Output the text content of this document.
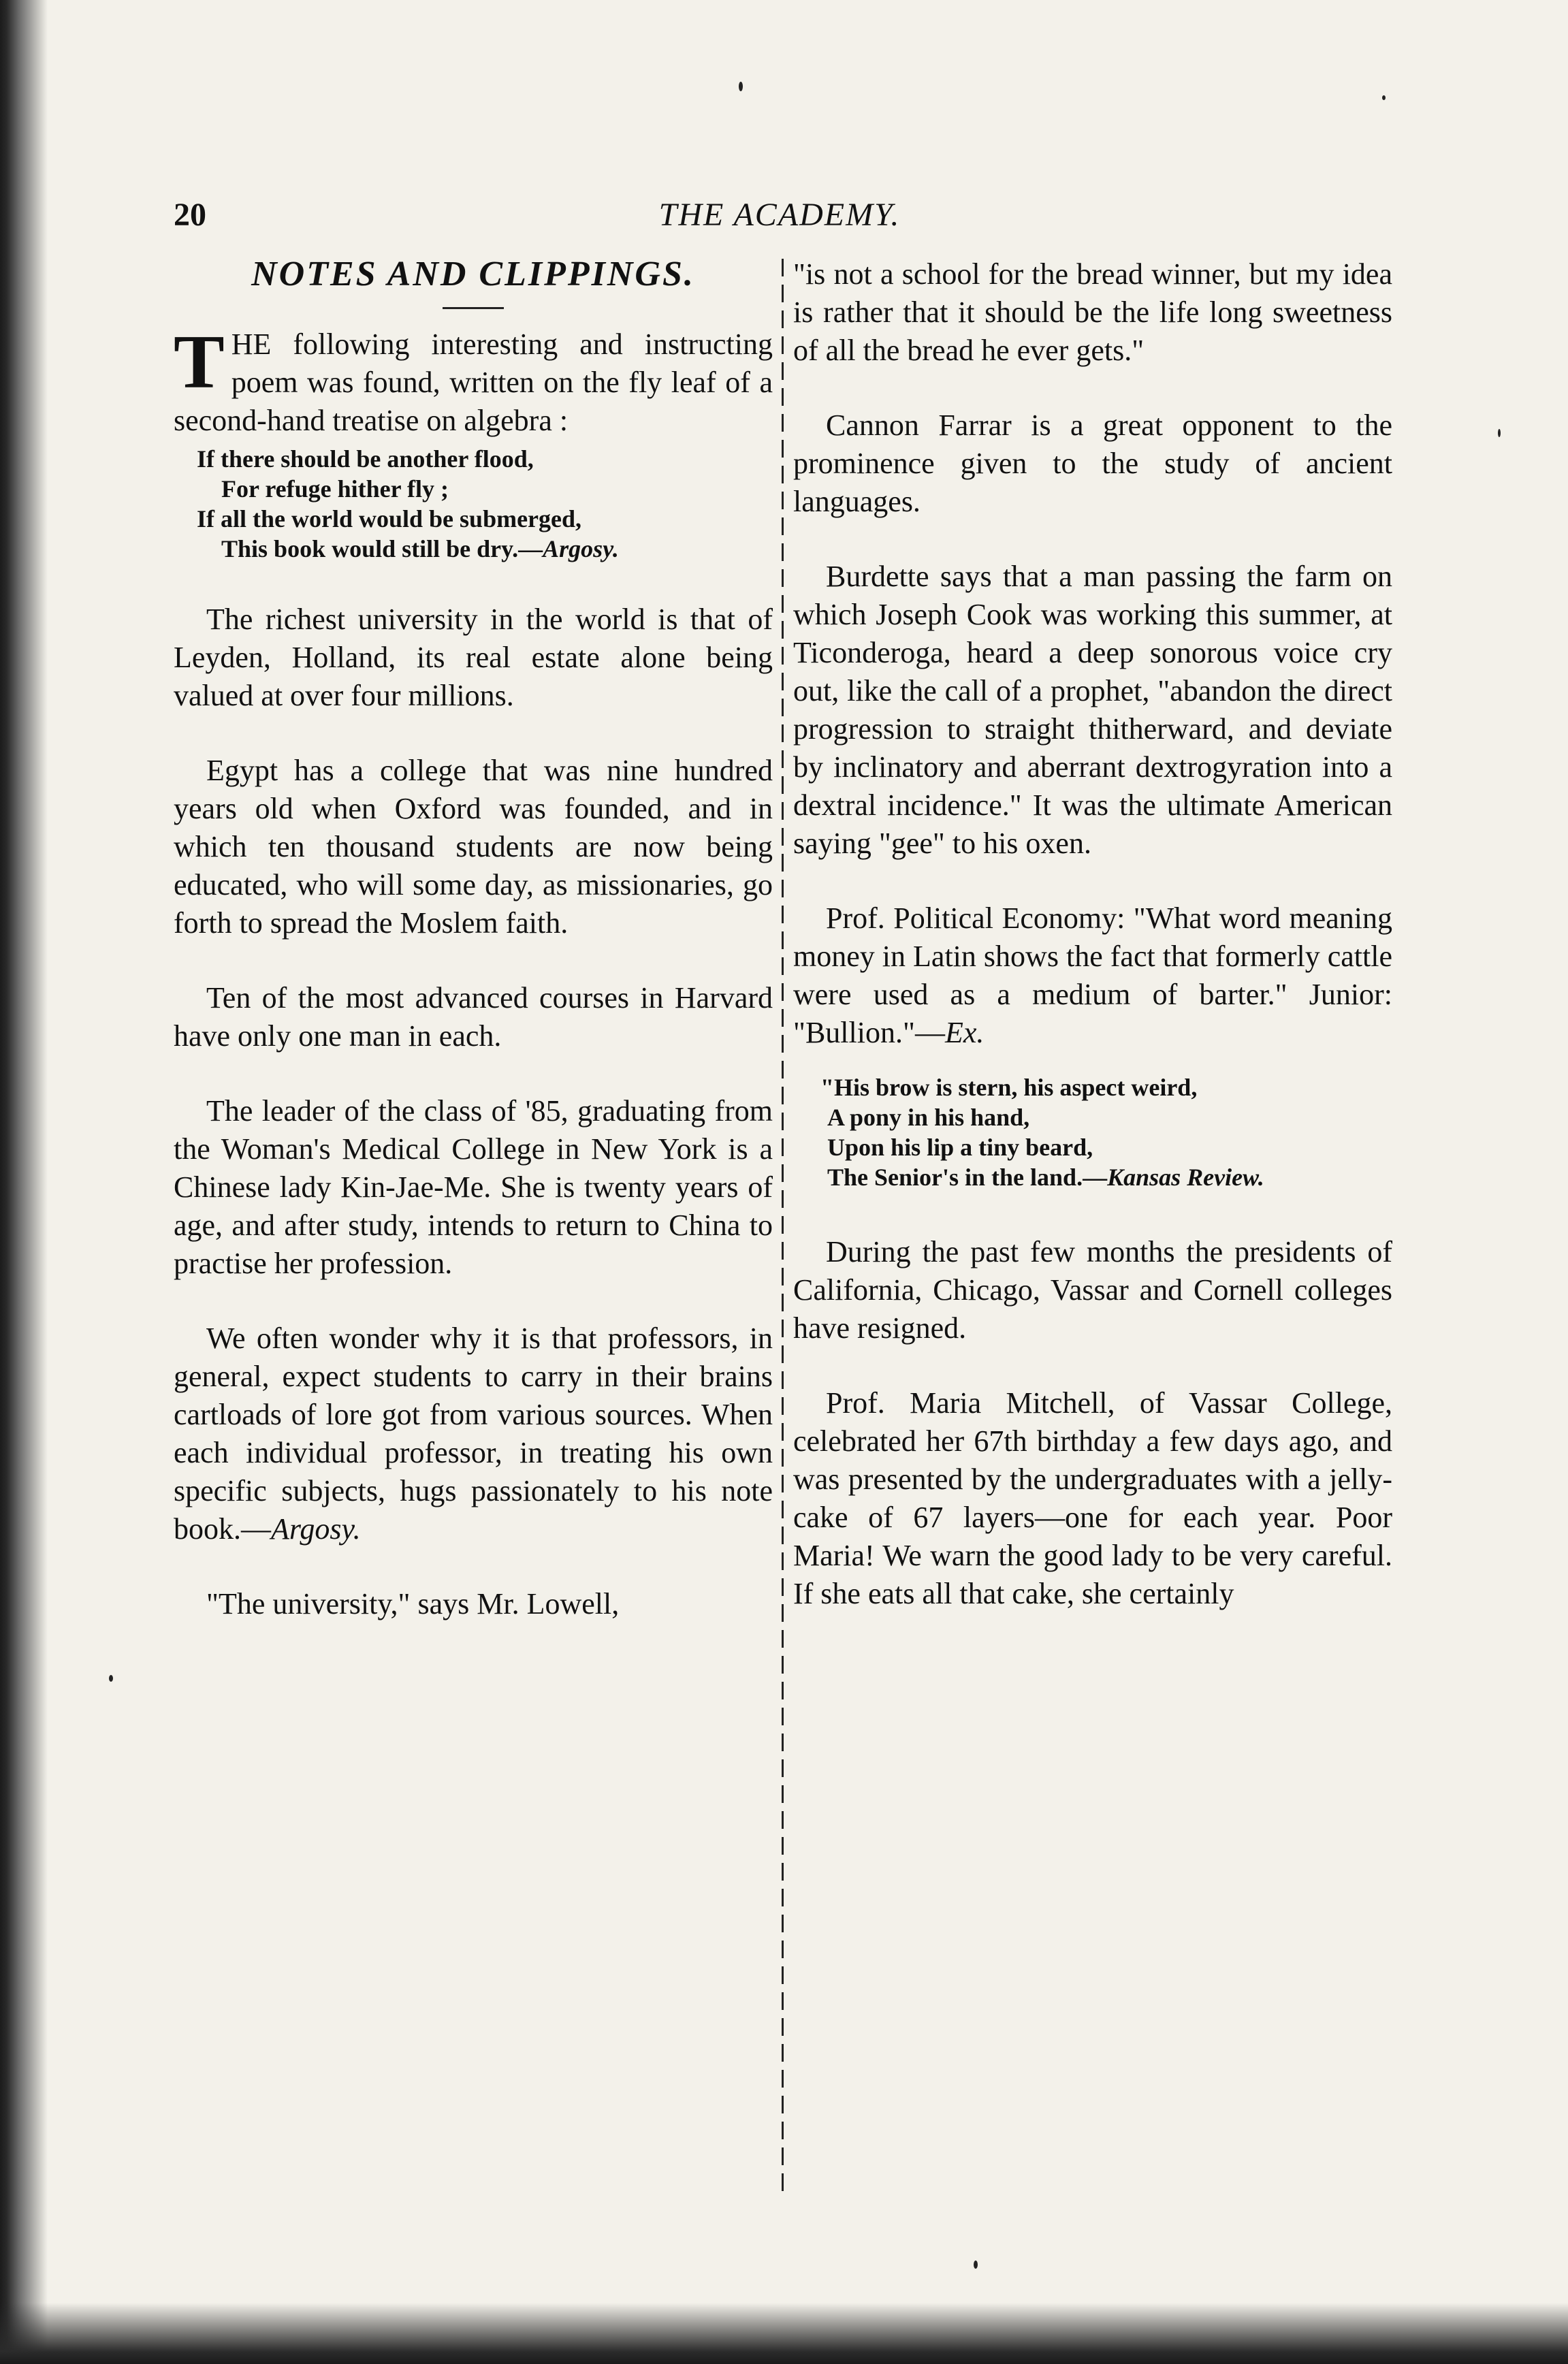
20	THE ACADEMY.
NOTES AND CLIPPINGS.

THE following interesting and instructing poem was found, written on the fly leaf of a second-hand treatise on algebra :

If there should be another flood,
For refuge hither fly ;
If all the world would be submerged,
This book would still be dry.—Argosy.

The richest university in the world is that of Leyden, Holland, its real estate alone being valued at over four millions.

Egypt has a college that was nine hundred years old when Oxford was founded, and in which ten thousand students are now being educated, who will some day, as missionaries, go forth to spread the Moslem faith.

Ten of the most advanced courses in Harvard have only one man in each.

The leader of the class of '85, graduating from the Woman's Medical College in New York is a Chinese lady Kin-Jae-Me. She is twenty years of age, and after study, intends to return to China to practise her profession.

We often wonder why it is that professors, in general, expect students to carry in their brains cartloads of lore got from various sources. When each individual professor, in treating his own specific subjects, hugs passionately to his note book.—Argosy.

"The university," says Mr. Lowell,

"is not a school for the bread winner, but my idea is rather that it should be the life long sweetness of all the bread he ever gets."

Cannon Farrar is a great opponent to the prominence given to the study of ancient languages.

Burdette says that a man passing the farm on which Joseph Cook was working this summer, at Ticonderoga, heard a deep sonorous voice cry out, like the call of a prophet, "abandon the direct progression to straight thitherward, and deviate by inclinatory and aberrant dextrogyration into a dextral incidence." It was the ultimate American saying "gee" to his oxen.

Prof. Political Economy: "What word meaning money in Latin shows the fact that formerly cattle were used as a medium of barter." Junior: "Bullion."—Ex.

"His brow is stern, his aspect weird,
A pony in his hand,
Upon his lip a tiny beard,
The Senior's in the land.—Kansas Review.

During the past few months the presidents of California, Chicago, Vassar and Cornell colleges have resigned.

Prof. Maria Mitchell, of Vassar College, celebrated her 67th birthday a few days ago, and was presented by the undergraduates with a jelly-cake of 67 layers—one for each year. Poor Maria! We warn the good lady to be very careful. If she eats all that cake, she certainly
